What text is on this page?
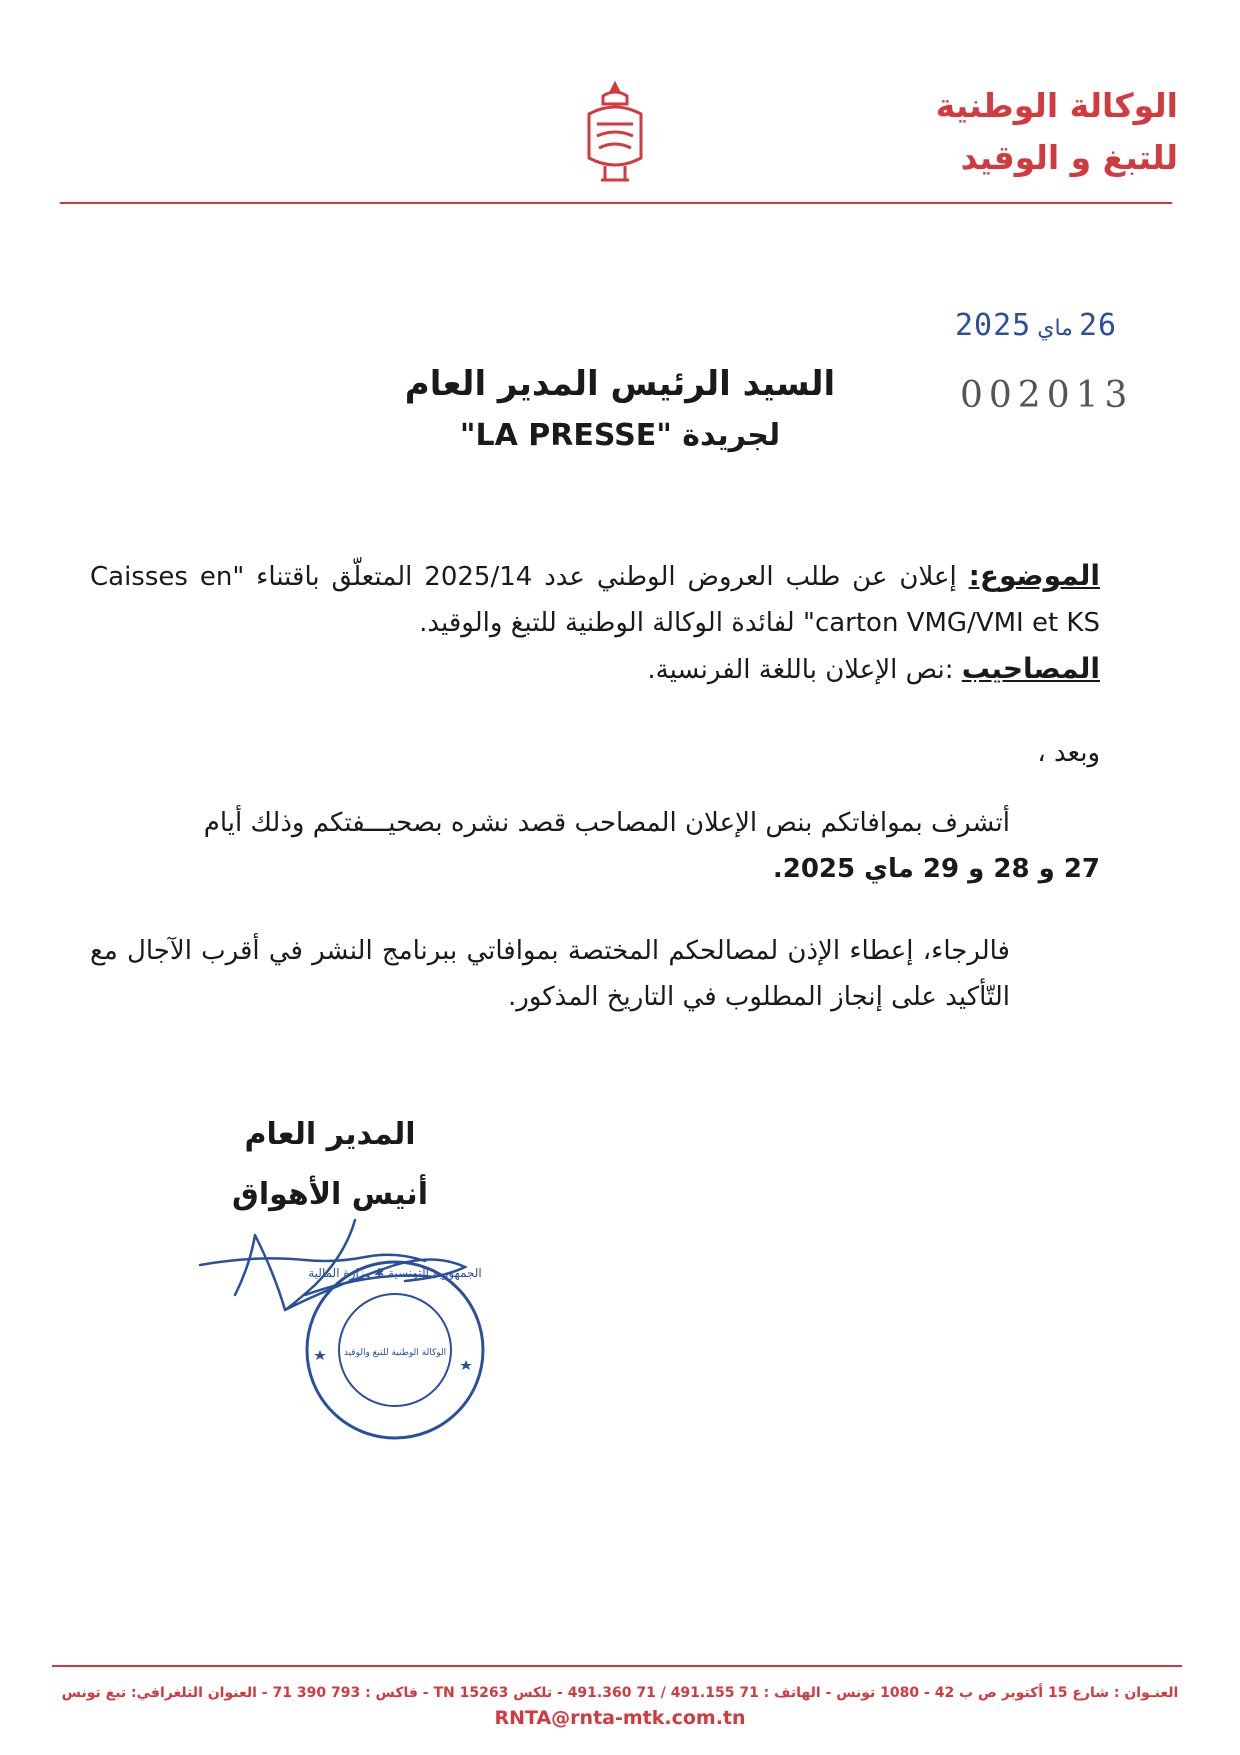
الوكالة الوطنية
للتبغ و الوقيد
2025 ماي 26
002013
السيد الرئيس المدير العام
لجريدة "LA PRESSE"
الموضوع: إعلان عن طلب العروض الوطني عدد 2025/14 المتعلّق باقتناء "Caisses en carton VMG/VMI et KS" لفائدة الوكالة الوطنية للتبغ والوقيد.
المصاحيب :نص الإعلان باللغة الفرنسية.
وبعد ،
أتشرف بموافاتكم بنص الإعلان المصاحب قصد نشره بصحيـــفتكم وذلك أيام
27 و 28 و 29 ماي 2025.
فالرجاء، إعطاء الإذن لمصالحكم المختصة بموافاتي ببرنامج النشر في أقرب الآجال مع التّأكيد على إنجاز المطلوب في التاريخ المذكور.
المدير العام
أنيس الأهواق
الجمهورية التونسية ✱ وزارة المالية
الوكالة الوطنية للتبغ والوقيد
العنـوان : شارع 15 أكتوبر ص ب 42 - 1080 تونس - الهاتف : 71 491.155 / 71 491.360 - تلكس 15263 TN - فاكس : 793 390 71 - العنوان التلغرافي: تبغ تونس
RNTA@rnta-mtk.com.tn
